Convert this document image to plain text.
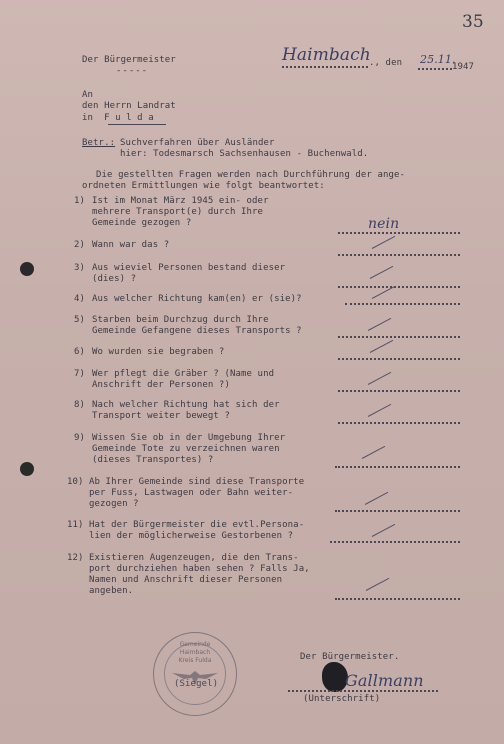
35
Der Bürgermeister
-----
Haimbach
., den 25.11.
1947
An
den Herrn Landrat
in  F u l d a
Betr.: Suchverfahren über Ausländer
hier: Todesmarsch Sachsenhausen - Buchenwald.
Die gestellten Fragen werden nach Durchführung der ange-
ordneten Ermittlungen wie folgt beantwortet:
1) Ist im Monat März 1945 ein- oder
mehrere Transport(e) durch Ihre
Gemeinde gezogen ?	nein
2) Wann war das ?
3) Aus wieviel Personen bestand dieser
(dies) ?
4) Aus welcher Richtung kam(en) er (sie)?
5) Starben beim Durchzug durch Ihre
Gemeinde Gefangene dieses Transports ?
6) Wo wurden sie begraben ?
7) Wer pflegt die Gräber ? (Name und
Anschrift der Personen ?)
8) Nach welcher Richtung hat sich der
Transport weiter bewegt ?
9) Wissen Sie ob in der Umgebung Ihrer
Gemeinde Tote zu verzeichnen waren
(dieses Transportes) ?
10) Ab Ihrer Gemeinde sind diese Transporte
per Fuss, Lastwagen oder Bahn weiter-
gezogen ?
11) Hat der Bürgermeister die evtl.Persona-
lien der möglicherweise Gestorbenen ?
12) Existieren Augenzeugen, die den Trans-
port durchziehen haben sehen ? Falls Ja,
Namen und Anschrift dieser Personen
angeben.
Gemeinde
Haimbach
Kreis Fulda
(Siegel)
Der Bürgermeister.
Gallmann
(Unterschrift)
